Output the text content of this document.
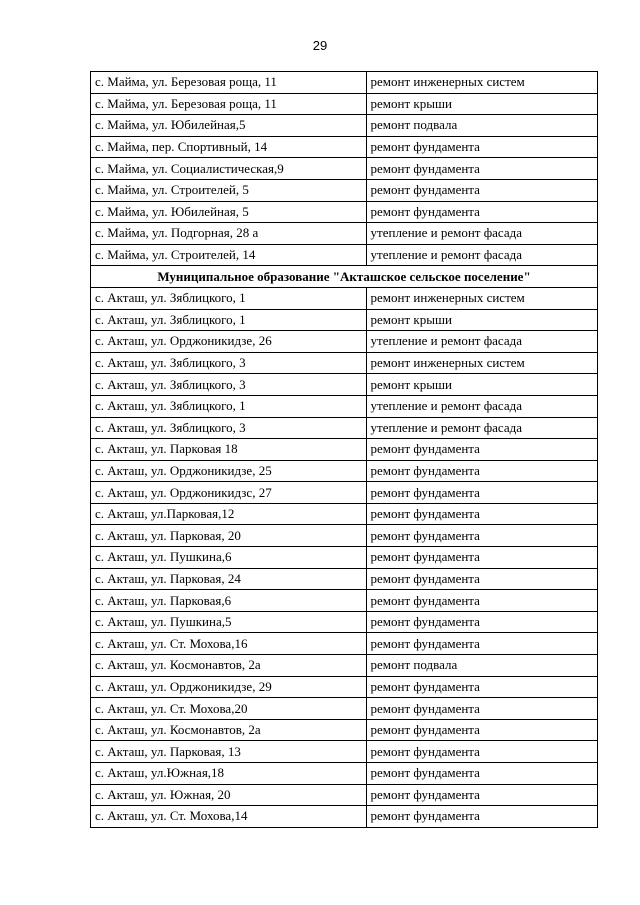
29
с. Майма, ул. Березовая роща, 11	ремонт инженерных систем
с. Майма, ул. Березовая роща, 11	ремонт крыши
с. Майма, ул. Юбилейная,5	ремонт подвала
с. Майма, пер. Спортивный, 14	ремонт фундамента
с. Майма, ул. Социалистическая,9	ремонт фундамента
с. Майма, ул. Строителей, 5	ремонт фундамента
с. Майма, ул. Юбилейная, 5	ремонт фундамента
с. Майма, ул. Подгорная, 28 а	утепление и ремонт фасада
с. Майма, ул. Строителей, 14	утепление и ремонт фасада
Муниципальное образование "Акташское сельское поселение"	
с. Акташ, ул. Зяблицкого, 1	ремонт инженерных систем
с. Акташ, ул. Зяблицкого, 1	ремонт крыши
с. Акташ, ул. Орджоникидзе, 26	утепление и ремонт фасада
с. Акташ, ул. Зяблицкого, 3	ремонт инженерных систем
с. Акташ, ул. Зяблицкого, 3	ремонт крыши
с. Акташ, ул. Зяблицкого, 1	утепление и ремонт фасада
с. Акташ, ул. Зяблицкого, 3	утепление и ремонт фасада
с. Акташ, ул. Парковая 18	ремонт фундамента
с. Акташ, ул. Орджоникидзе, 25	ремонт фундамента
с. Акташ, ул. Орджоникидзс, 27	ремонт фундамента
с. Акташ, ул.Парковая,12	ремонт фундамента
с. Акташ, ул. Парковая, 20	ремонт фундамента
с. Акташ, ул. Пушкина,6	ремонт фундамента
с. Акташ, ул. Парковая, 24	ремонт фундамента
с. Акташ, ул. Парковая,6	ремонт фундамента
с. Акташ, ул. Пушкина,5	ремонт фундамента
с. Акташ, ул. Ст. Мохова,16	ремонт фундамента
с. Акташ, ул. Космонавтов, 2а	ремонт подвала
с. Акташ, ул. Орджоникидзе, 29	ремонт фундамента
с. Акташ, ул. Ст. Мохова,20	ремонт фундамента
с. Акташ, ул. Космонавтов, 2а	ремонт фундамента
с. Акташ, ул. Парковая, 13	ремонт фундамента
с. Акташ, ул.Южная,18	ремонт фундамента
с. Акташ, ул. Южная, 20	ремонт фундамента
с. Акташ, ул. Ст. Мохова,14	ремонт фундамента
